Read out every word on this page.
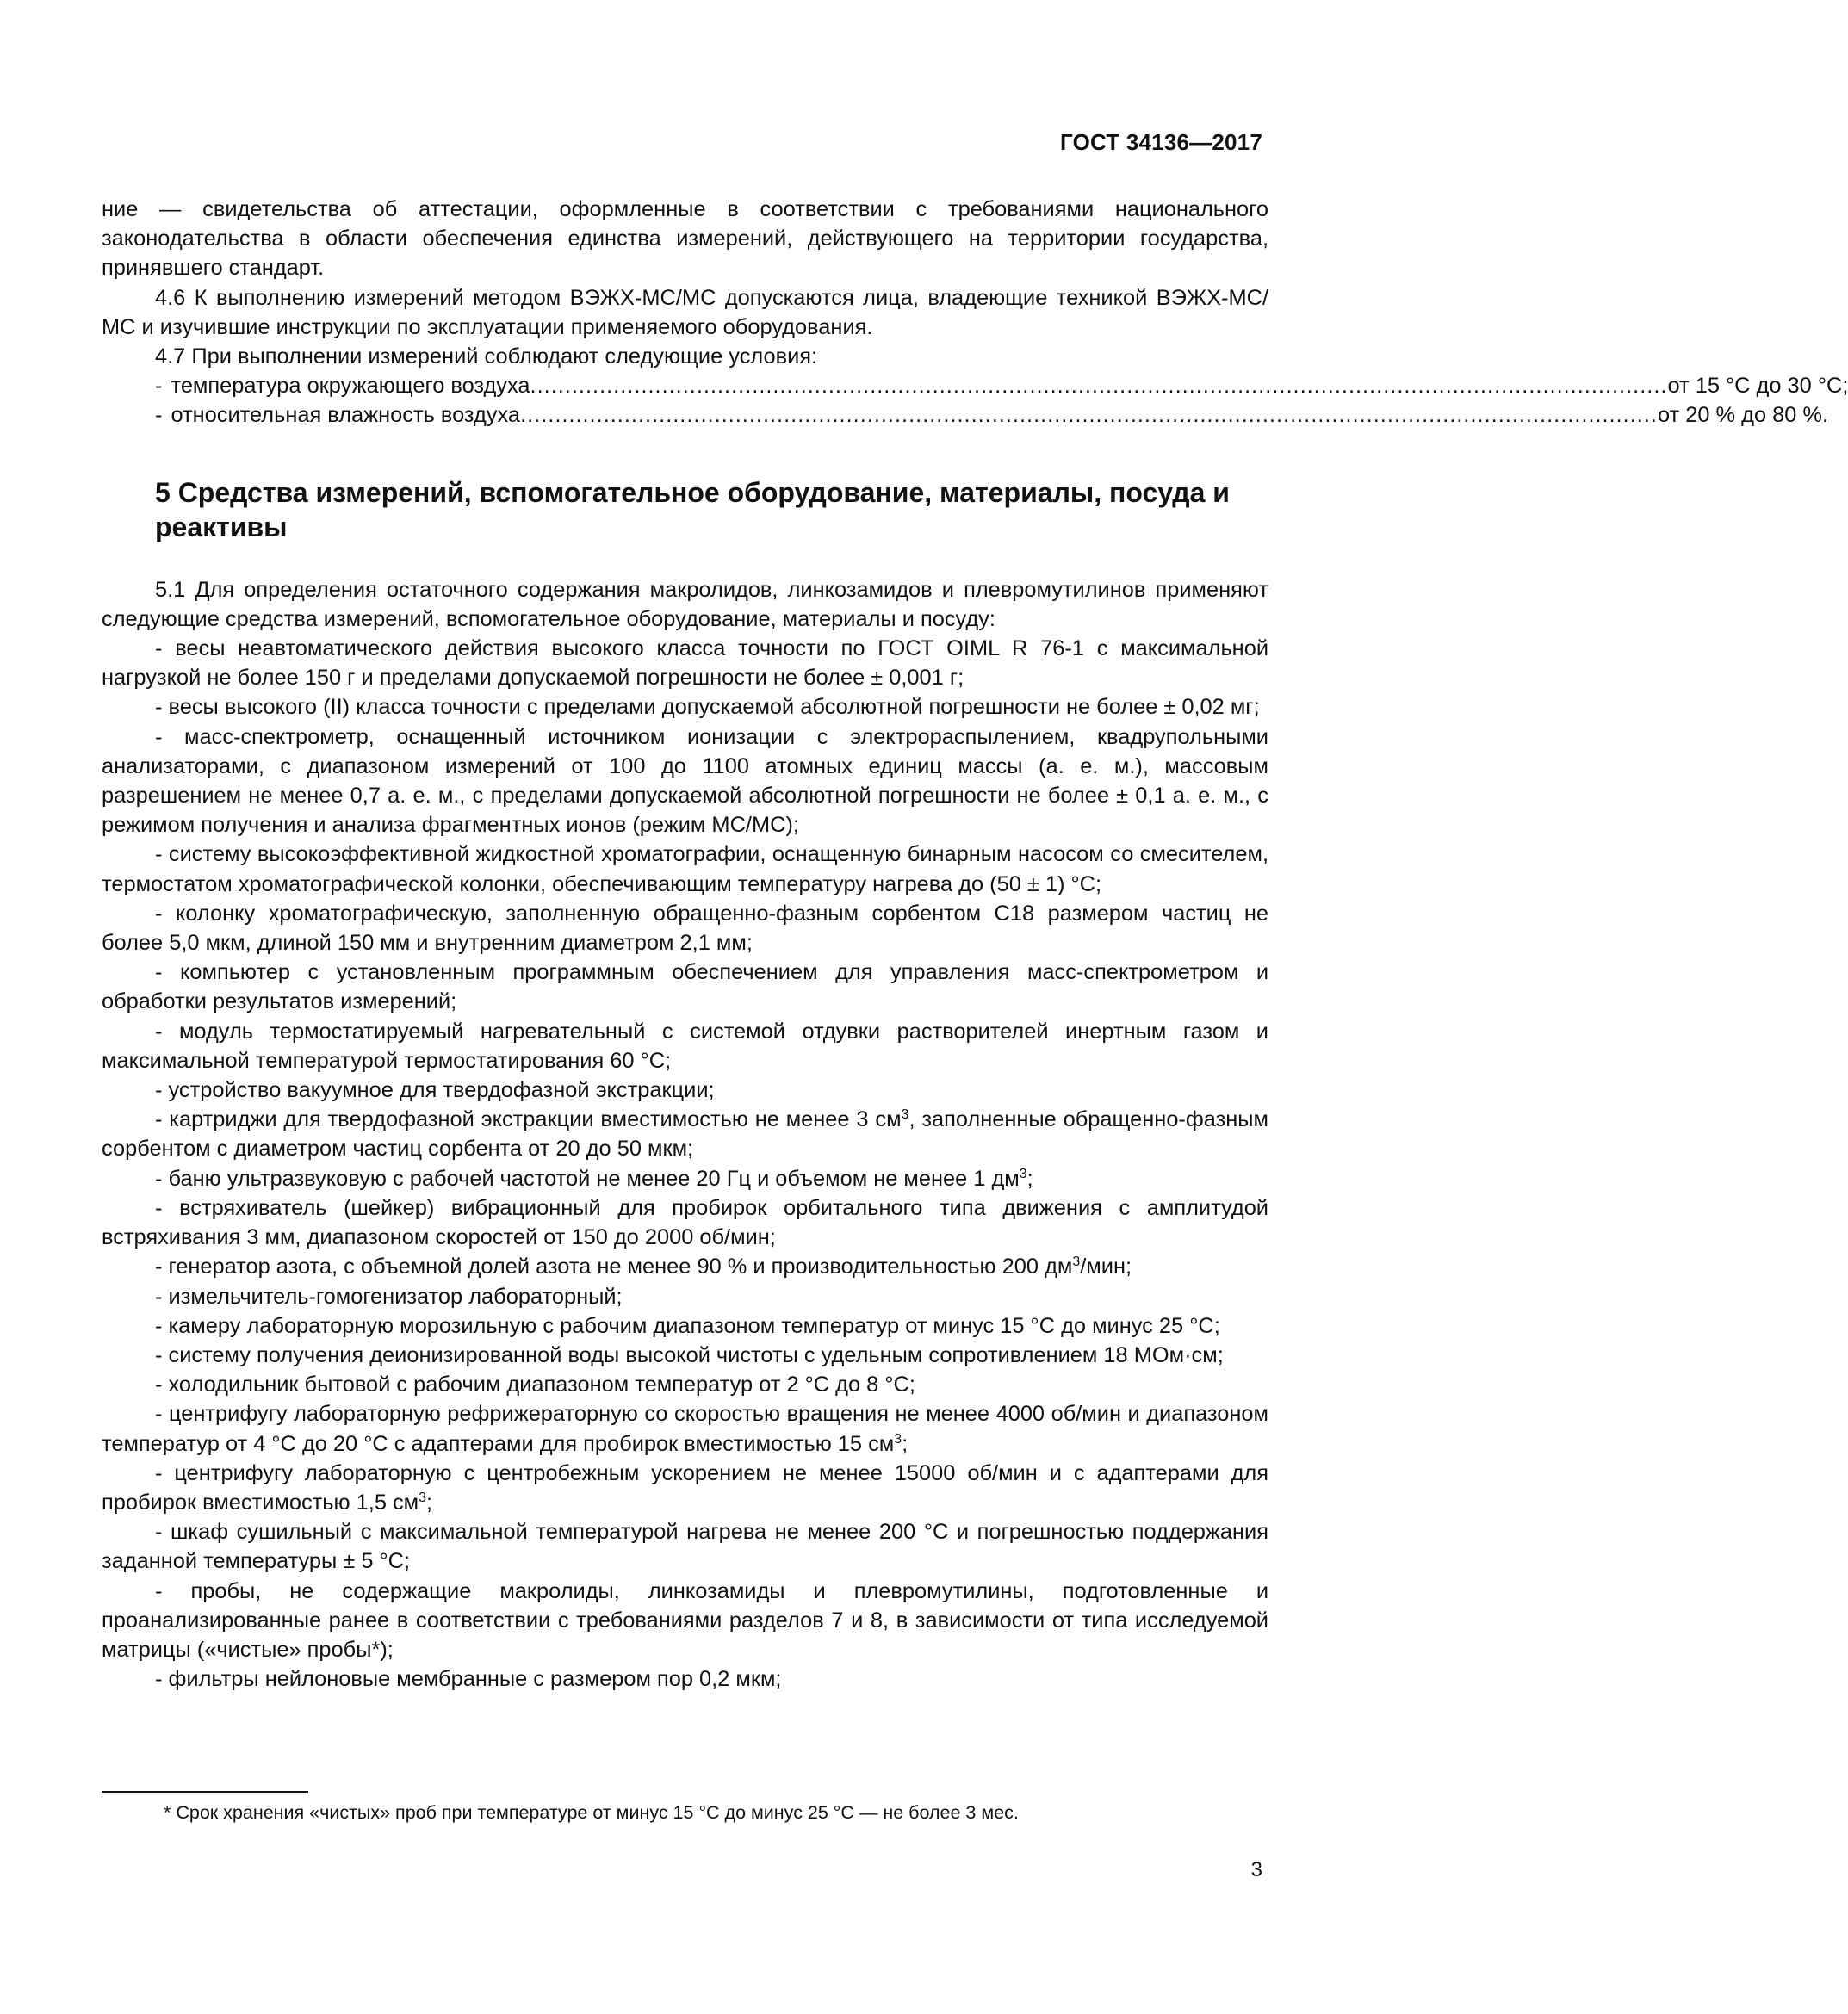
ГОСТ 34136—2017

ние — свидетельства об аттестации, оформленные в соответствии с требованиями национального законодательства в области обеспечения единства измерений, действующего на территории государства, принявшего стандарт.

4.6 К выполнению измерений методом ВЭЖХ-МС/МС допускаются лица, владеющие техникой ВЭЖХ-МС/МС и изучившие инструкции по эксплуатации применяемого оборудования.

4.7 При выполнении измерений соблюдают следующие условия:

- температура окружающего воздуха .................................................................................................................................................................... от 15 °С до 30 °С;
- относительная влажность воздуха .................................................................................................................................................................... от 20 % до 80 %.
5 Средства измерений, вспомогательное оборудование, материалы, посуда и реактивы

5.1 Для определения остаточного содержания макролидов, линкозамидов и плевромутилинов применяют следующие средства измерений, вспомогательное оборудование, материалы и посуду:

- весы неавтоматического действия высокого класса точности по ГОСТ OIML R 76-1 с максимальной нагрузкой не более 150 г и пределами допускаемой погрешности не более ± 0,001 г;

- весы высокого (II) класса точности с пределами допускаемой абсолютной погрешности не более ± 0,02 мг;

- масс-спектрометр, оснащенный источником ионизации с электрораспылением, квадрупольными анализаторами, с диапазоном измерений от 100 до 1100 атомных единиц массы (а. е. м.), массовым разрешением не менее 0,7 а. е. м., с пределами допускаемой абсолютной погрешности не более ± 0,1 а. е. м., с режимом получения и анализа фрагментных ионов (режим МС/МС);

- систему высокоэффективной жидкостной хроматографии, оснащенную бинарным насосом со смесителем, термостатом хроматографической колонки, обеспечивающим температуру нагрева до (50 ± 1) °С;

- колонку хроматографическую, заполненную обращенно-фазным сорбентом С18 размером частиц не более 5,0 мкм, длиной 150 мм и внутренним диаметром 2,1 мм;

- компьютер с установленным программным обеспечением для управления масс-спектрометром и обработки результатов измерений;

- модуль термостатируемый нагревательный с системой отдувки растворителей инертным газом и максимальной температурой термостатирования 60 °С;

- устройство вакуумное для твердофазной экстракции;

- картриджи для твердофазной экстракции вместимостью не менее 3 $см^3$, заполненные обращенно-фазным сорбентом с диаметром частиц сорбента от 20 до 50 мкм;

- баню ультразвуковую с рабочей частотой не менее 20 Гц и объемом не менее 1 $дм^3$;

- встряхиватель (шейкер) вибрационный для пробирок орбитального типа движения с амплитудой встряхивания 3 мм, диапазоном скоростей от 150 до 2000 об/мин;

- генератор азота, с объемной долей азота не менее 90 % и производительностью 200 $дм^3$/мин;

- измельчитель-гомогенизатор лабораторный;

- камеру лабораторную морозильную с рабочим диапазоном температур от минус 15 °С до минус 25 °С;

- систему получения деионизированной воды высокой чистоты с удельным сопротивлением 18 МОм·см;

- холодильник бытовой с рабочим диапазоном температур от 2 °С до 8 °С;

- центрифугу лабораторную рефрижераторную со скоростью вращения не менее 4000 об/мин и диапазоном температур от 4 °С до 20 °С с адаптерами для пробирок вместимостью 15 $см^3$;

- центрифугу лабораторную с центробежным ускорением не менее 15000 об/мин и с адаптерами для пробирок вместимостью 1,5 $см^3$;

- шкаф сушильный с максимальной температурой нагрева не менее 200 °С и погрешностью поддержания заданной температуры ± 5 °С;

- пробы, не содержащие макролиды, линкозамиды и плевромутилины, подготовленные и проанализированные ранее в соответствии с требованиями разделов 7 и 8, в зависимости от типа исследуемой матрицы («чистые» пробы*);

- фильтры нейлоновые мембранные с размером пор 0,2 мкм;

* Срок хранения «чистых» проб при температуре от минус 15 °С до минус 25 °С — не более 3 мес.
3
